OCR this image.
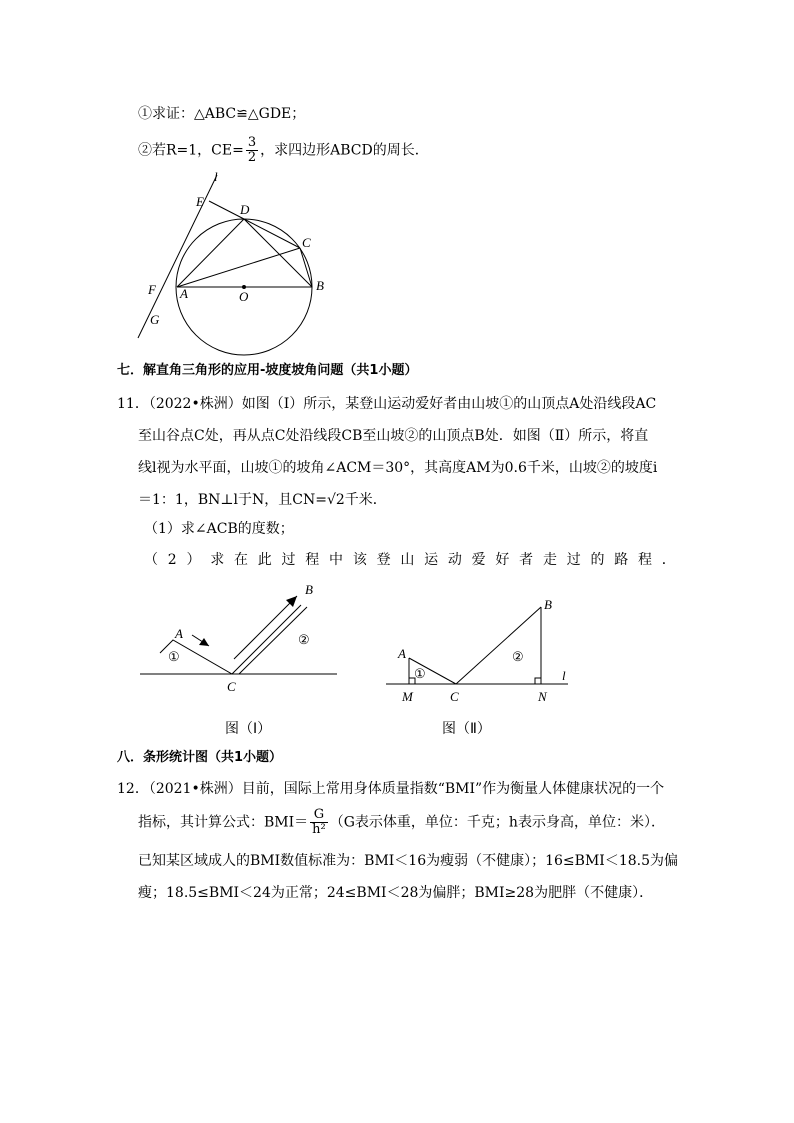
①求证：△ABC≌△GDE；
②若R=1，$CE= \frac{3}{2}$ ，求四边形ABCD的周长．
l
E
D
C
F A	O
B
G
七．解直角三角形的应用-坡度坡角问题（共1小题）
11．（2022•株洲）如图（Ⅰ）所示，某登山运动爱好者由山坡①的山顶点A处沿线段AC
至山谷点C处，再从点C处沿线段CB至山坡②的山顶点B处．如图（Ⅱ）所示，将直
线l视为水平面，山坡①的坡角∠ACM＝30°，其高度AM为0.6千米，山坡②的坡度i
＝1：1，BN⊥l于N，且CN=√2千米．
（1）求∠ACB的度数；
（ 2 ） 求 在 此 过 程 中 该 登 山 运 动 爱 好 者 走 过 的 路 程 ．
A
B
①
②
C
A
B
①
②
M	C	N
l
图（Ⅰ）	图（Ⅱ）
八．条形统计图（共1小题）
12．（2021•株洲）目前，国际上常用身体质量指数“BMI”作为衡量人体健康状况的一个
指标，其计算公式：$BMI= \frac{G}{\text{h²}} (G$表示体重，单位：千克；h表示身高，单位：米）．
已知某区域成人的BMI数值标准为：BMI＜16为瘦弱（不健康）；16≤BMI＜18.5为偏
瘦；18.5≤BMI＜24为正常；24≤BMI＜28为偏胖；BMI≥28为肥胖（不健康）．
